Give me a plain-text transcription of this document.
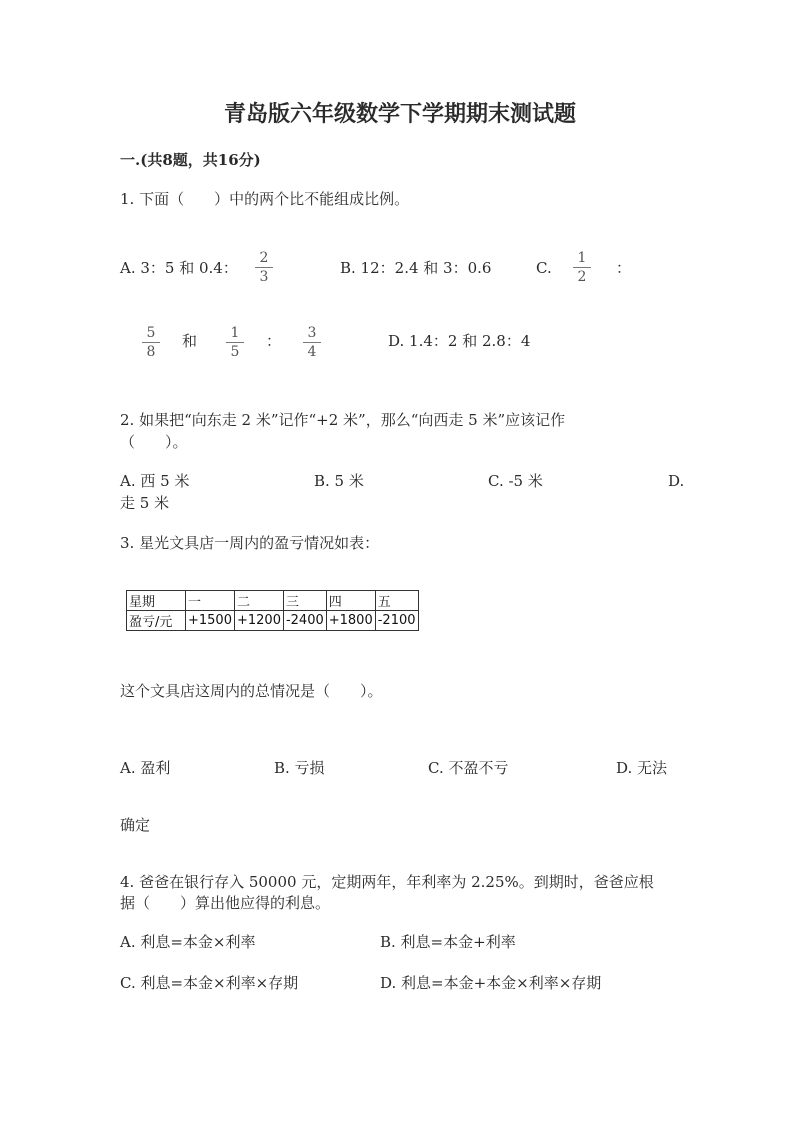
青岛版六年级数学下学期期末测试题
一.(共8题，共16分)
1. 下面（　　）中的两个比不能组成比例。
A. 3：5 和 0.4：
2
3	B. 12：2.4 和 3：0.6	C.
1
2	：
5
8
和	1
5
：	3
4
D. 1.4：2 和 2.8：4
2. 如果把“向东走 2 米”记作“+2 米”，那么“向西走 5 米”应该记作
（　　）。
A. 西 5 米	B. 5 米	C. -5 米	D.
走 5 米
3. 星光文具店一周内的盈亏情况如表：
星期	一	二	三	四	五
盈亏/元	+1500	+1200	-2400	+1800	-2100
这个文具店这周内的总情况是（　　）。
A. 盈利	B. 亏损	C. 不盈不亏	D. 无法
确定
4. 爸爸在银行存入 50000 元，定期两年，年利率为 2.25%。到期时，爸爸应根
据（　　）算出他应得的利息。
A. 利息=本金×利率	B. 利息=本金+利率
C. 利息=本金×利率×存期	D. 利息=本金+本金×利率×存期
